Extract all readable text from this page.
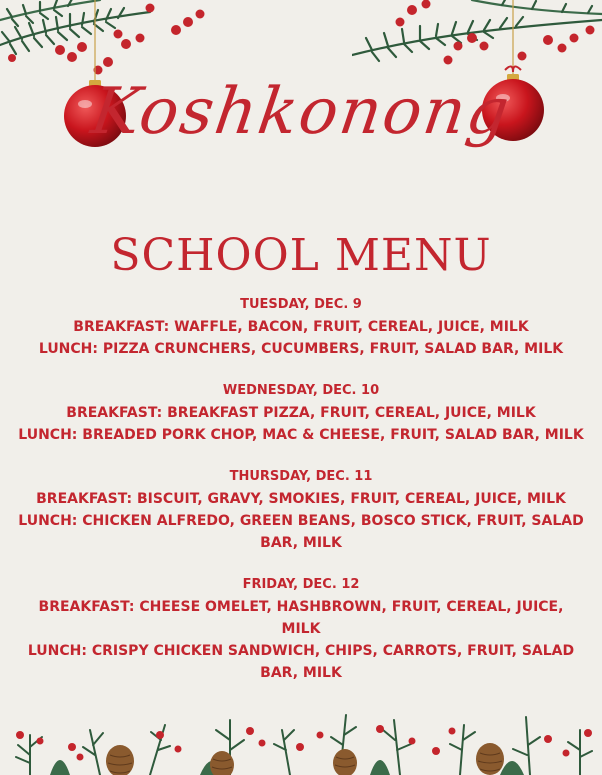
Koshkonong
SCHOOL MENU
TUESDAY, DEC. 9
BREAKFAST: WAFFLE, BACON, FRUIT, CEREAL, JUICE, MILK
LUNCH: PIZZA CRUNCHERS, CUCUMBERS, FRUIT, SALAD BAR, MILK
WEDNESDAY, DEC. 10
BREAKFAST: BREAKFAST PIZZA, FRUIT, CEREAL, JUICE, MILK
LUNCH: BREADED PORK CHOP, MAC & CHEESE, FRUIT, SALAD BAR, MILK
THURSDAY, DEC. 11
BREAKFAST: BISCUIT, GRAVY, SMOKIES, FRUIT, CEREAL, JUICE, MILK
LUNCH: CHICKEN ALFREDO, GREEN BEANS, BOSCO STICK, FRUIT, SALAD BAR, MILK
FRIDAY, DEC. 12
BREAKFAST: CHEESE OMELET, HASHBROWN, FRUIT, CEREAL, JUICE, MILK
LUNCH: CRISPY CHICKEN SANDWICH, CHIPS, CARROTS, FRUIT, SALAD BAR, MILK
